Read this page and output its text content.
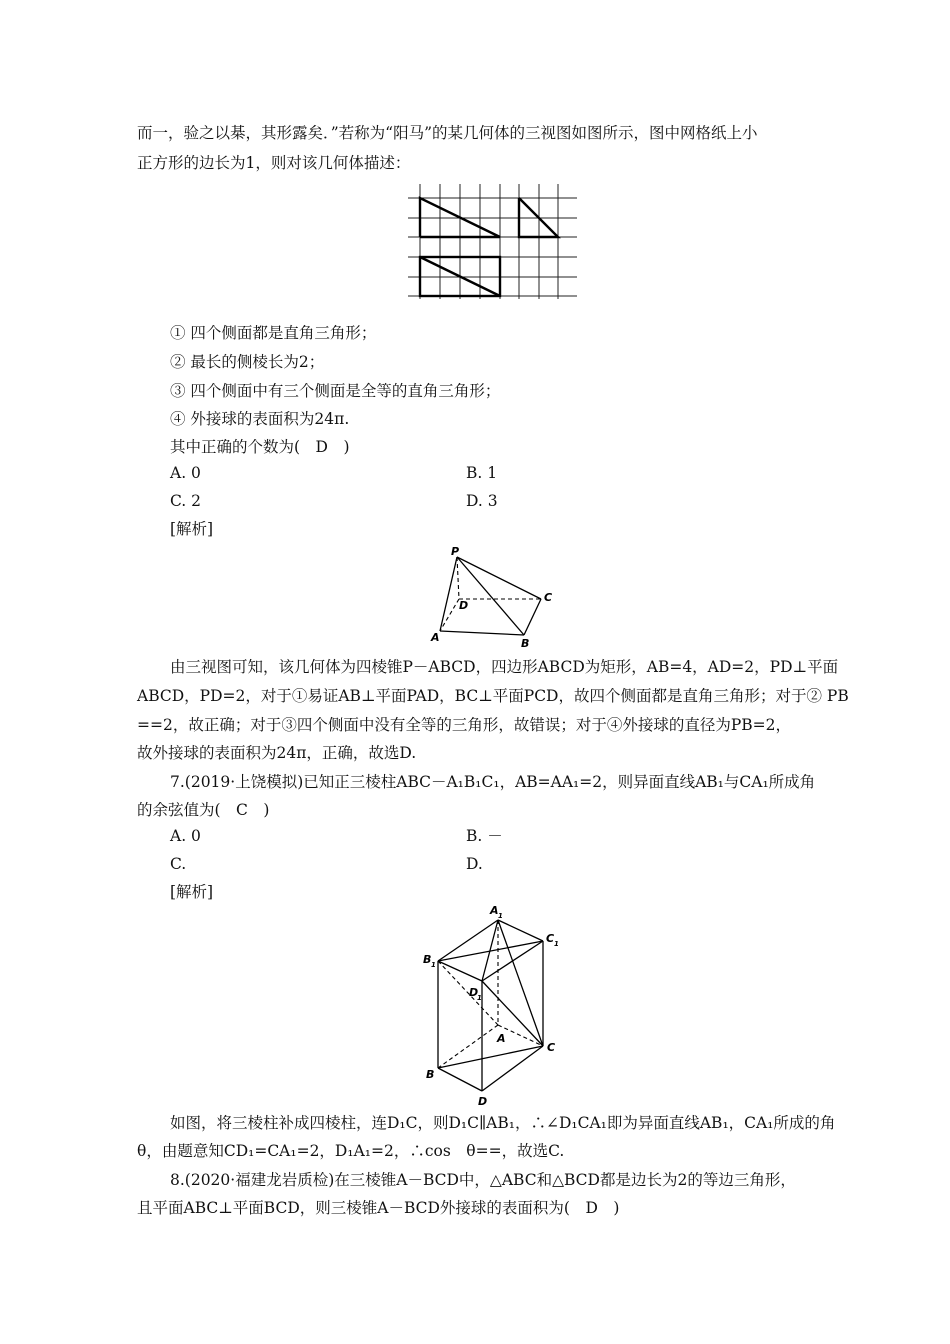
而一，验之以棊，其形露矣．”若称为“阳马”的某几何体的三视图如图所示，图中网格纸上小
正方形的边长为1，则对该几何体描述：
① 四个侧面都是直角三角形；
② 最长的侧棱长为2；
③ 四个侧面中有三个侧面是全等的直角三角形；
④ 外接球的表面积为24π.
其中正确的个数为(　D　)
A. 0	B. 1
C. 2	D. 3
[解析]
P
D
C
A	B
由三视图可知，该几何体为四棱锥P－ABCD，四边形ABCD为矩形，AB=4，AD=2，PD⊥平面
ABCD，PD=2，对于①易证AB⊥平面PAD，BC⊥平面PCD，故四个侧面都是直角三角形；对于② PB
==2，故正确；对于③四个侧面中没有全等的三角形，故错误；对于④外接球的直径为PB=2，
故外接球的表面积为24π，正确，故选D.
7.(2019·上饶模拟)已知正三棱柱ABC－A₁B₁C₁，AB=AA₁=2，则异面直线AB₁与CA₁所成角
的余弦值为(　C　)
A. 0	B. －
C.	D.
[解析]
A 1
C 1
B 1
D
1
A
C
B
D
如图，将三棱柱补成四棱柱，连D₁C，则D₁C∥AB₁，∴∠D₁CA₁即为异面直线AB₁，CA₁所成的角
θ，由题意知CD₁=CA₁=2，D₁A₁=2，∴cos　θ==，故选C.
8.(2020·福建龙岩质检)在三棱锥A－BCD中，△ABC和△BCD都是边长为2的等边三角形，
且平面ABC⊥平面BCD，则三棱锥A－BCD外接球的表面积为(　D　)
